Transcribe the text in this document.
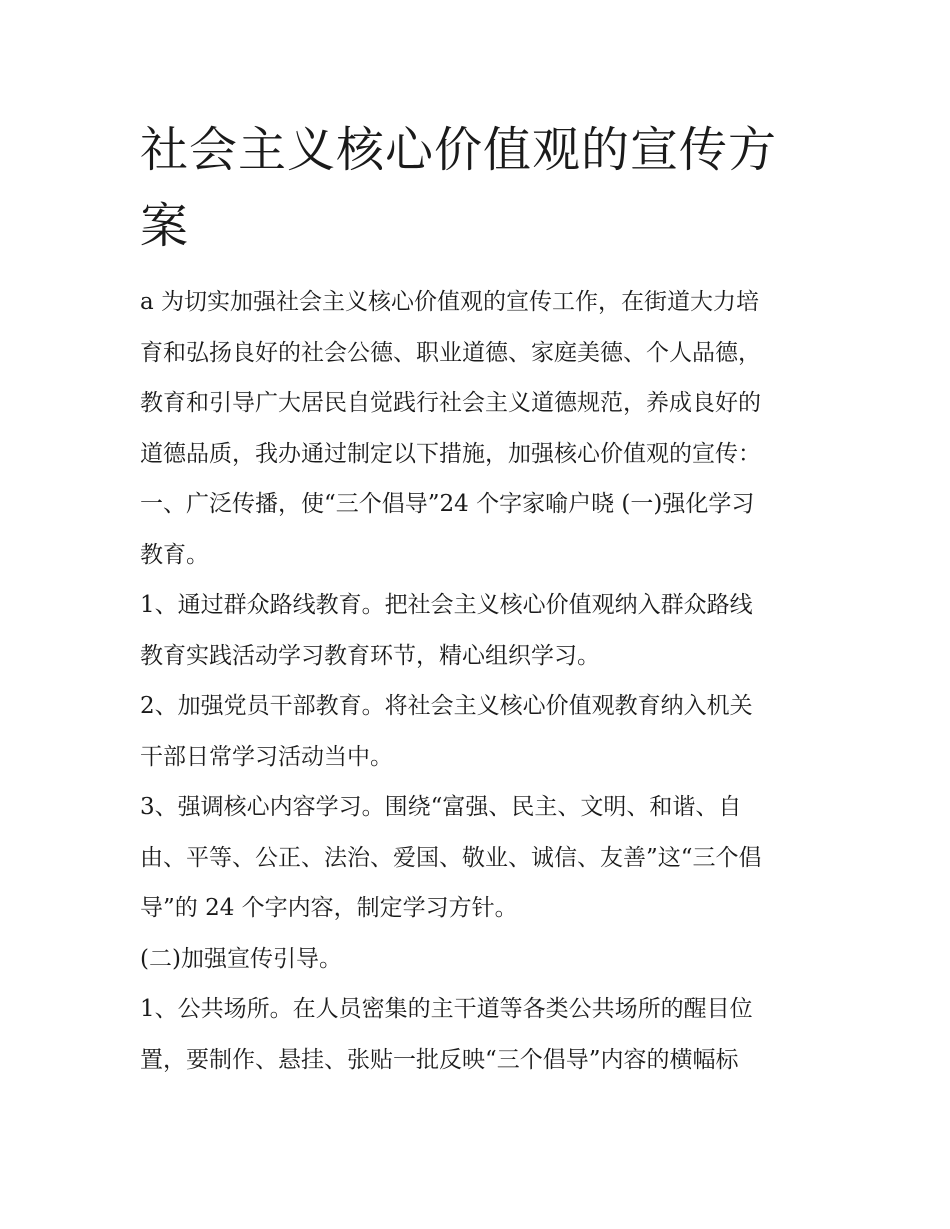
社会主义核心价值观的宣传方
案

a 为切实加强社会主义核心价值观的宣传工作，在街道大力培
育和弘扬良好的社会公德、职业道德、家庭美德、个人品德，
教育和引导广大居民自觉践行社会主义道德规范，养成良好的
道德品质，我办通过制定以下措施，加强核心价值观的宣传：

一、广泛传播，使“三个倡导”24 个字家喻户晓 (一)强化学习
教育。

1、通过群众路线教育。把社会主义核心价值观纳入群众路线
教育实践活动学习教育环节，精心组织学习。

2、加强党员干部教育。将社会主义核心价值观教育纳入机关
干部日常学习活动当中。

3、强调核心内容学习。围绕“富强、民主、文明、和谐、自
由、平等、公正、法治、爱国、敬业、诚信、友善”这“三个倡
导”的 24 个字内容，制定学习方针。

(二)加强宣传引导。

1、公共场所。在人员密集的主干道等各类公共场所的醒目位
置，要制作、悬挂、张贴一批反映“三个倡导”内容的横幅标
